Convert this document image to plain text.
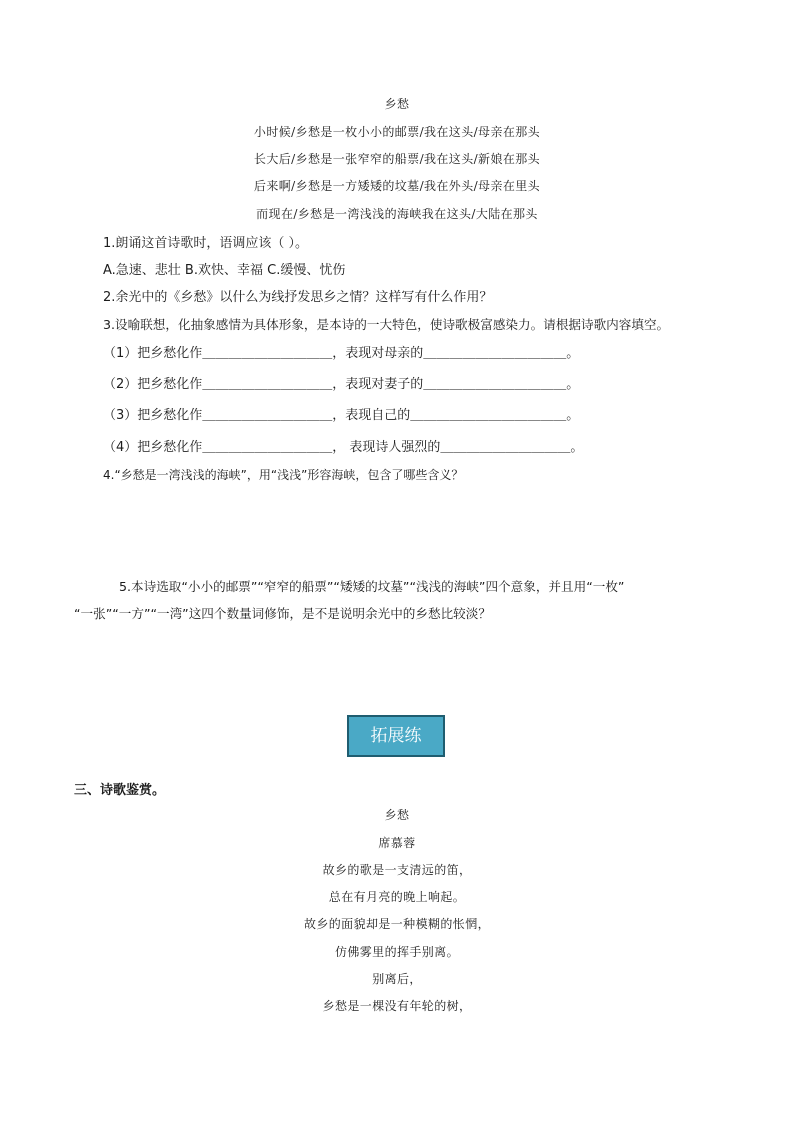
乡愁
小时候/乡愁是一枚小小的邮票/我在这头/母亲在那头
长大后/乡愁是一张窄窄的船票/我在这头/新娘在那头
后来啊/乡愁是一方矮矮的坟墓/我在外头/母亲在里头
而现在/乡愁是一湾浅浅的海峡我在这头/大陆在那头
1.朗诵这首诗歌时，语调应该（ ）。
A.急速、悲壮 B.欢快、幸福 C.缓慢、忧伤
2.余光中的《乡愁》以什么为线抒发思乡之情？这样写有什么作用？
3.设喻联想，化抽象感情为具体形象，是本诗的一大特色，使诗歌极富感染力。请根据诗歌内容填空。
（1）把乡愁化作＿＿＿＿＿＿＿＿＿＿，表现对母亲的＿＿＿＿＿＿＿＿＿＿＿。
（2）把乡愁化作＿＿＿＿＿＿＿＿＿＿，表现对妻子的＿＿＿＿＿＿＿＿＿＿＿。
（3）把乡愁化作＿＿＿＿＿＿＿＿＿＿，表现自己的＿＿＿＿＿＿＿＿＿＿＿＿。
（4）把乡愁化作＿＿＿＿＿＿＿＿＿＿， 表现诗人强烈的＿＿＿＿＿＿＿＿＿＿。
4.“乡愁是一湾浅浅的海峡”，用“浅浅”形容海峡，包含了哪些含义？
5.本诗选取“小小的邮票”“窄窄的船票”“矮矮的坟墓”“浅浅的海峡”四个意象，并且用“一枚”
“一张”“一方”“一湾”这四个数量词修饰，是不是说明余光中的乡愁比较淡？
拓展练
三、诗歌鉴赏。
乡愁
席慕蓉
故乡的歌是一支清远的笛，
总在有月亮的晚上响起。
故乡的面貌却是一种模糊的怅惘，
仿佛雾里的挥手别离。
别离后，
乡愁是一棵没有年轮的树，
